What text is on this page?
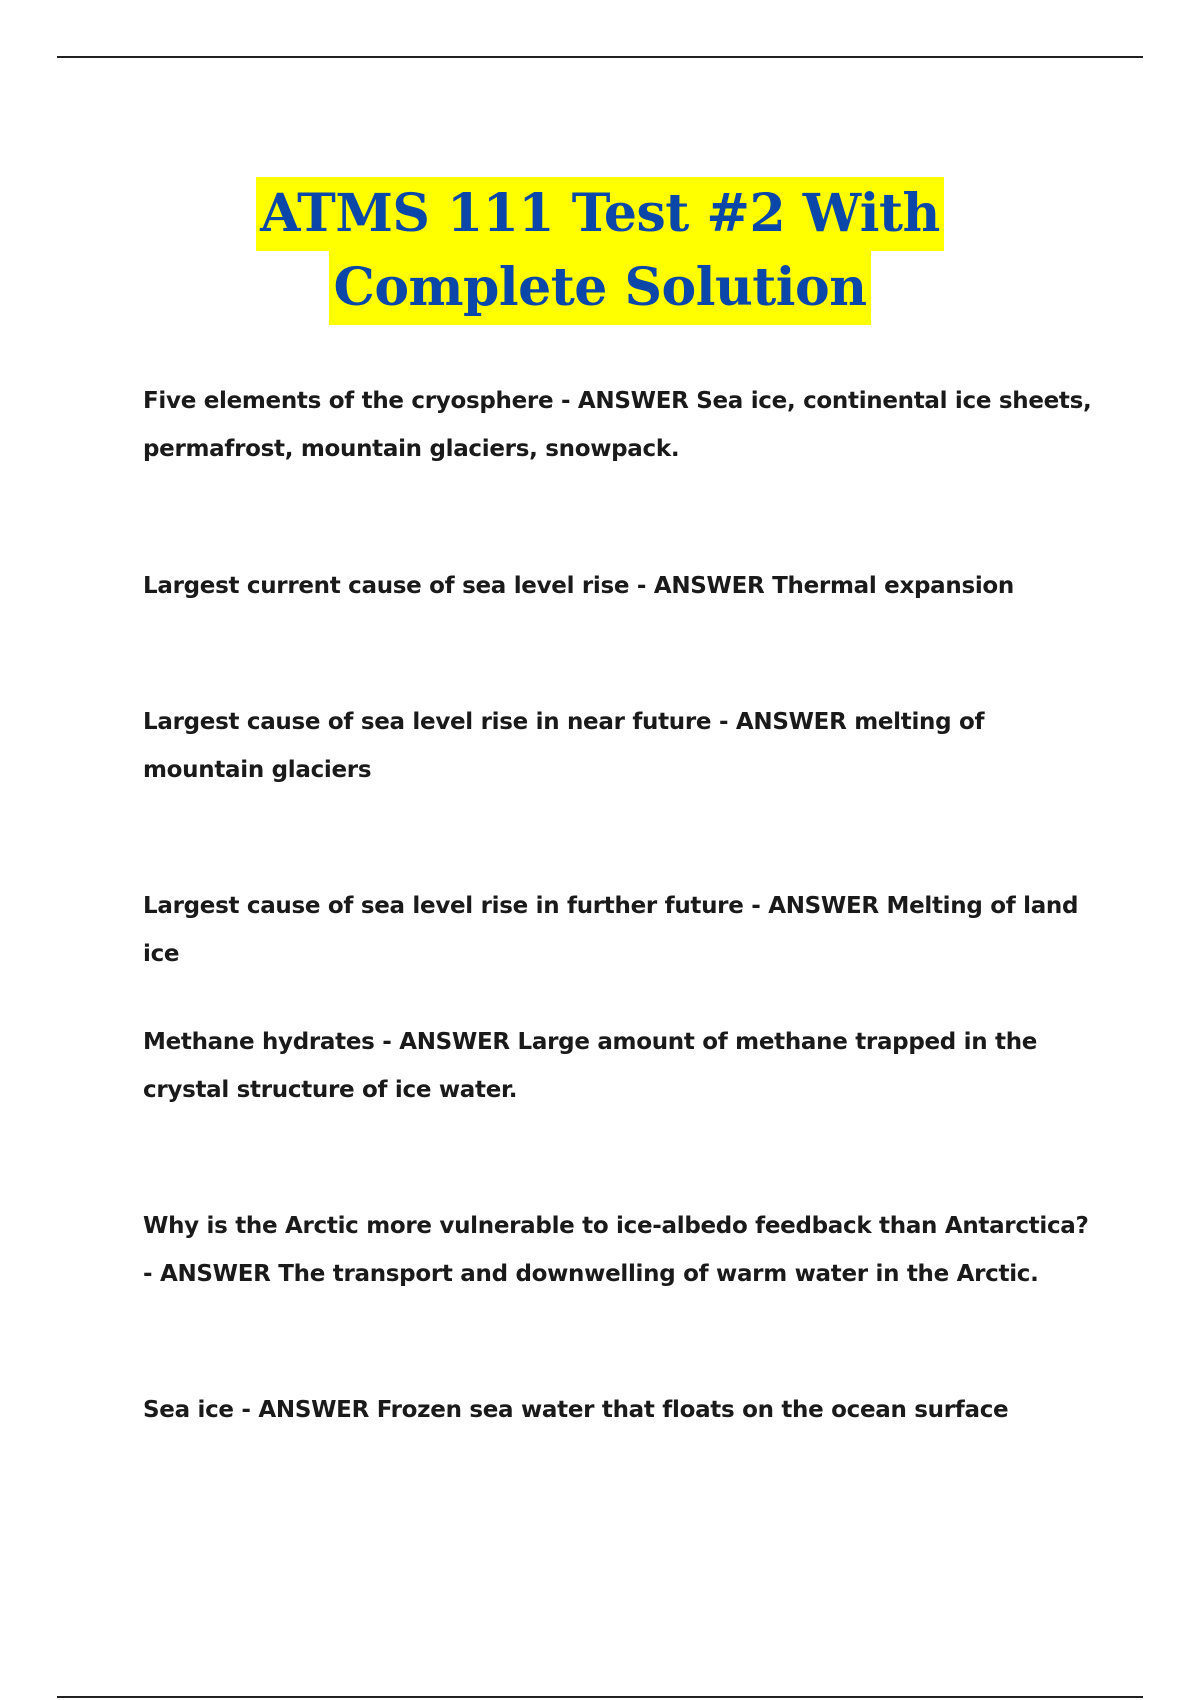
ATMS 111 Test #2 With
Complete Solution

Five elements of the cryosphere - ANSWER Sea ice, continental ice sheets, permafrost, mountain glaciers, snowpack.

Largest current cause of sea level rise - ANSWER Thermal expansion

Largest cause of sea level rise in near future - ANSWER melting of mountain glaciers

Largest cause of sea level rise in further future - ANSWER Melting of land ice

Methane hydrates - ANSWER Large amount of methane trapped in the crystal structure of ice water.

Why is the Arctic more vulnerable to ice-albedo feedback than Antarctica? - ANSWER The transport and downwelling of warm water in the Arctic.

Sea ice - ANSWER Frozen sea water that floats on the ocean surface
